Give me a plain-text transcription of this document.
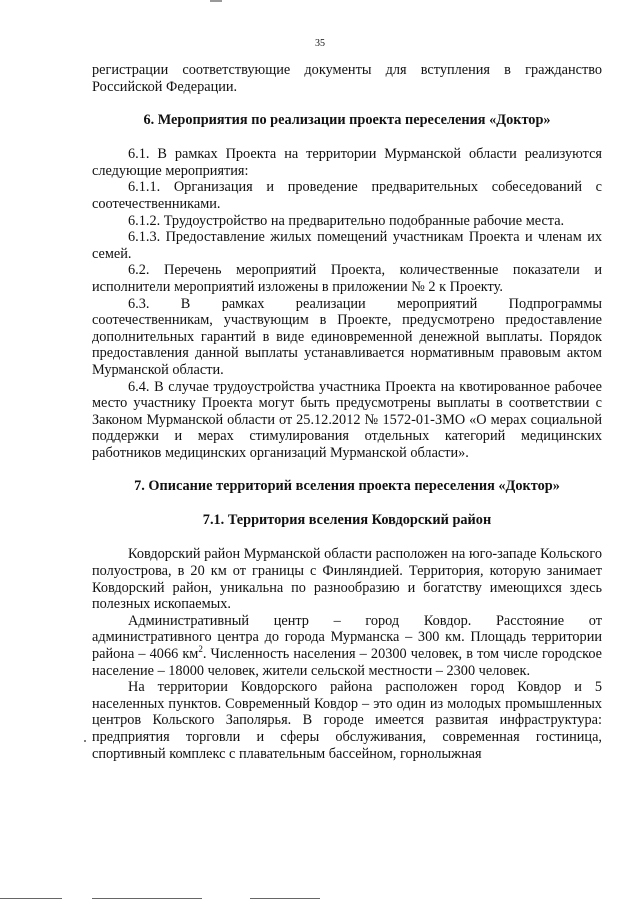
35

регистрации соответствующие документы для вступления в гражданство Российской Федерации.

6. Мероприятия по реализации проекта переселения «Доктор»

6.1. В рамках Проекта на территории Мурманской области реализуются следующие мероприятия:

6.1.1. Организация и проведение предварительных собеседований с соотечественниками.

6.1.2. Трудоустройство на предварительно подобранные рабочие места.

6.1.3. Предоставление жилых помещений участникам Проекта и членам их семей.

6.2. Перечень мероприятий Проекта, количественные показатели и исполнители мероприятий изложены в приложении № 2 к Проекту.

6.3. В рамках реализации мероприятий Подпрограммы

соотечественникам, участвующим в Проекте, предусмотрено предоставление дополнительных гарантий в виде единовременной денежной выплаты. Порядок предоставления данной выплаты устанавливается нормативным правовым актом Мурманской области.

6.4. В случае трудоустройства участника Проекта на квотированное рабочее место участнику Проекта могут быть предусмотрены выплаты в соответствии с Законом Мурманской области от 25.12.2012 № 1572-01-ЗМО «О мерах социальной поддержки и мерах стимулирования отдельных категорий медицинских работников медицинских организаций Мурманской области».

7. Описание территорий вселения проекта переселения «Доктор»
7.1. Территория вселения Ковдорский район

Ковдорский район Мурманской области расположен на юго-западе Кольского полуострова, в 20 км от границы с Финляндией. Территория, которую занимает Ковдорский район, уникальна по разнообразию и богатству имеющихся здесь полезных ископаемых.

Административный центр – город Ковдор. Расстояние от

административного центра до города Мурманска – 300 км. Площадь территории района – 4066 $км^2$. Численность населения – 20300 человек, в том числе городское население – 18000 человек, жители сельской местности – 2300 человек.

На территории Ковдорского района расположен город Ковдор и 5 населенных пунктов. Современный Ковдор – это один из молодых промышленных центров Кольского Заполярья. В городе имеется развитая инфраструктура: предприятия торговли и сферы обслуживания, современная гостиница, спортивный комплекс с плавательным бассейном, горнолыжная
